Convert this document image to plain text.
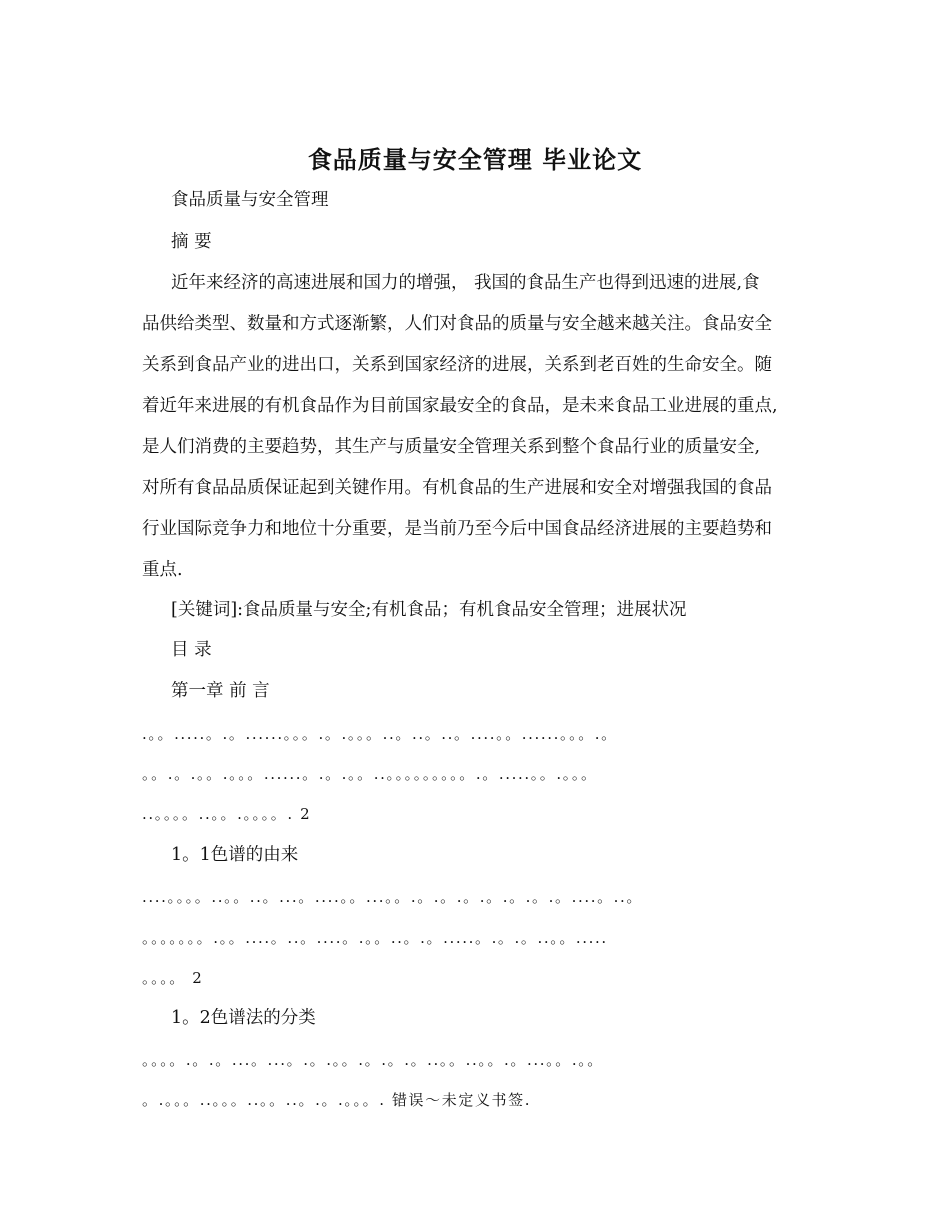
食品质量与安全管理 毕业论文
食品质量与安全管理
摘 要
近年来经济的高速进展和国力的增强， 我国的食品生产也得到迅速的进展,食
品供给类型、数量和方式逐渐繁，人们对食品的质量与安全越来越关注。食品安全
关系到食品产业的进出口，关系到国家经济的进展，关系到老百姓的生命安全。随
着近年来进展的有机食品作为目前国家最安全的食品，是未来食品工业进展的重点,
是人们消费的主要趋势，其生产与质量安全管理关系到整个食品行业的质量安全,
对所有食品品质保证起到关键作用。有机食品的生产进展和安全对增强我国的食品
行业国际竞争力和地位十分重要，是当前乃至今后中国食品经济进展的主要趋势和
重点.
[关键词]:食品质量与安全;有机食品；有机食品安全管理；进展状况
目 录
第一章 前 言
.。。.....。.。......。。。.。.。。。..。..。..。....。。......。。。.。
。。.。.。。.。。。......。.。.。。..。。。。。。。。。.。.....。。.。。。
..。。。。..。。.。。。。. 2
1。1色谱的由来
....。。。。..。。..。...。....。。...。。.。.。.。.。.。.。.。....。..。
。。。。。。。.。。....。..。....。.。。..。.。.....。.。.。..。。.....
。。。。 2
1。2色谱法的分类
。。。。.。.。...。...。.。.。。.。.。.。..。。..。。.。...。。.。。
。.。。。..。。。..。。..。.。.。。。. 错误～未定义书签.
